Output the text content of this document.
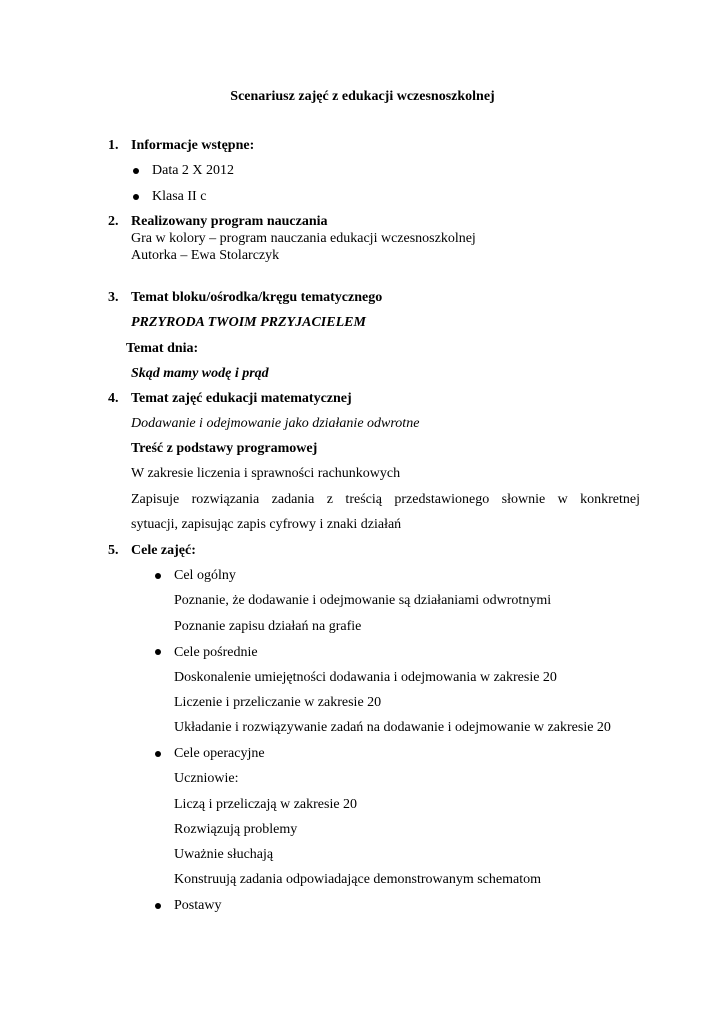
Scenariusz zajęć z edukacji wczesnoszkolnej
1. Informacje wstępne:
Data 2 X 2012
Klasa II c
2. Realizowany program nauczania
Gra w kolory – program nauczania edukacji wczesnoszkolnej
Autorka – Ewa Stolarczyk
3. Temat bloku/ośrodka/kręgu tematycznego
PRZYRODA TWOIM PRZYJACIELEM
Temat dnia:
Skąd mamy wodę i prąd
4. Temat zajęć edukacji matematycznej
Dodawanie i odejmowanie jako działanie odwrotne
Treść z podstawy programowej
W zakresie liczenia i sprawności rachunkowych
Zapisuje rozwiązania zadania z treścią przedstawionego słownie w konkretnej
sytuacji, zapisując zapis cyfrowy i znaki działań
5. Cele zajęć:
Cel ogólny
Poznanie, że dodawanie i odejmowanie są działaniami odwrotnymi
Poznanie zapisu działań na grafie
Cele pośrednie
Doskonalenie umiejętności dodawania i odejmowania w zakresie 20
Liczenie i przeliczanie w zakresie 20
Układanie i rozwiązywanie zadań na dodawanie i odejmowanie w zakresie 20
Cele operacyjne
Uczniowie:
Liczą i przeliczają w zakresie 20
Rozwiązują problemy
Uważnie słuchają
Konstruują zadania odpowiadające demonstrowanym schematom
Postawy
